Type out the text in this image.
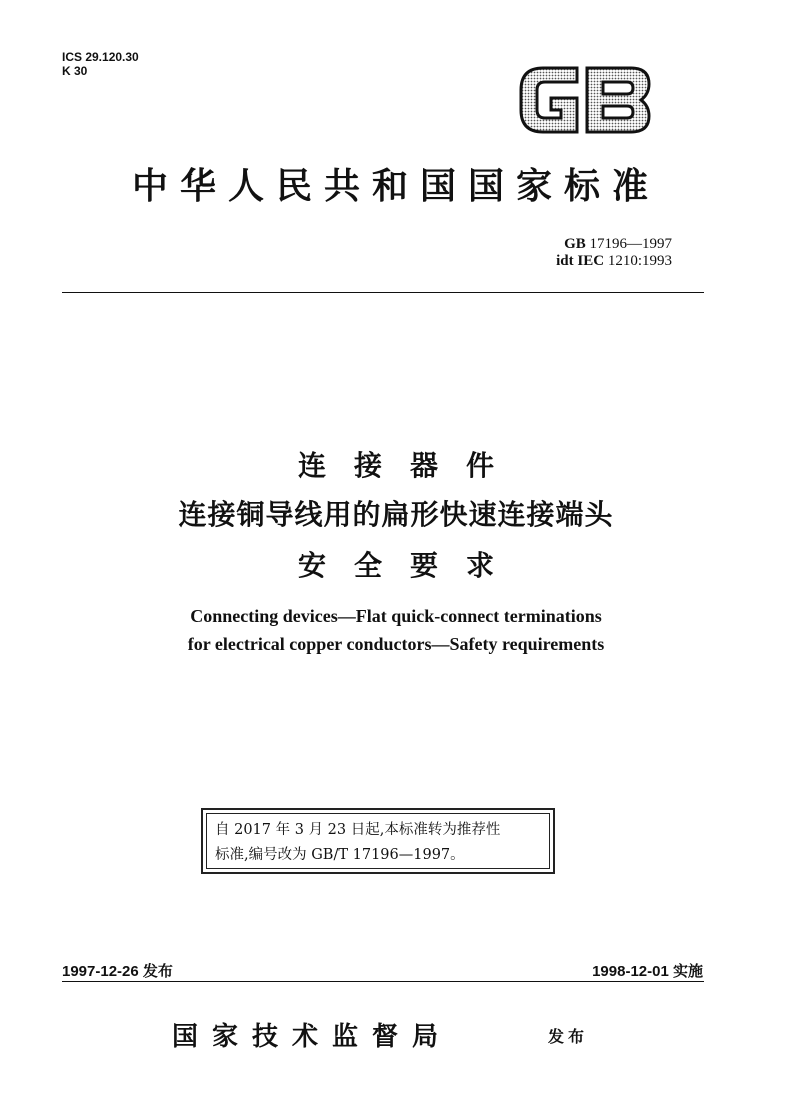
ICS 29.120.30
K 30
中华人民共和国国家标准
GB 17196—1997
idt IEC 1210:1993
连接器件
连接铜导线用的扁形快速连接端头
安全要求
Connecting devices—Flat quick-connect terminations
for electrical copper conductors—Safety requirements
自 2017 年 3 月 23 日起,本标准转为推荐性
标准,编号改为 GB/T 17196—1997。
1997-12-26 发布	1998-12-01 实施
国家技术监督局	发布
